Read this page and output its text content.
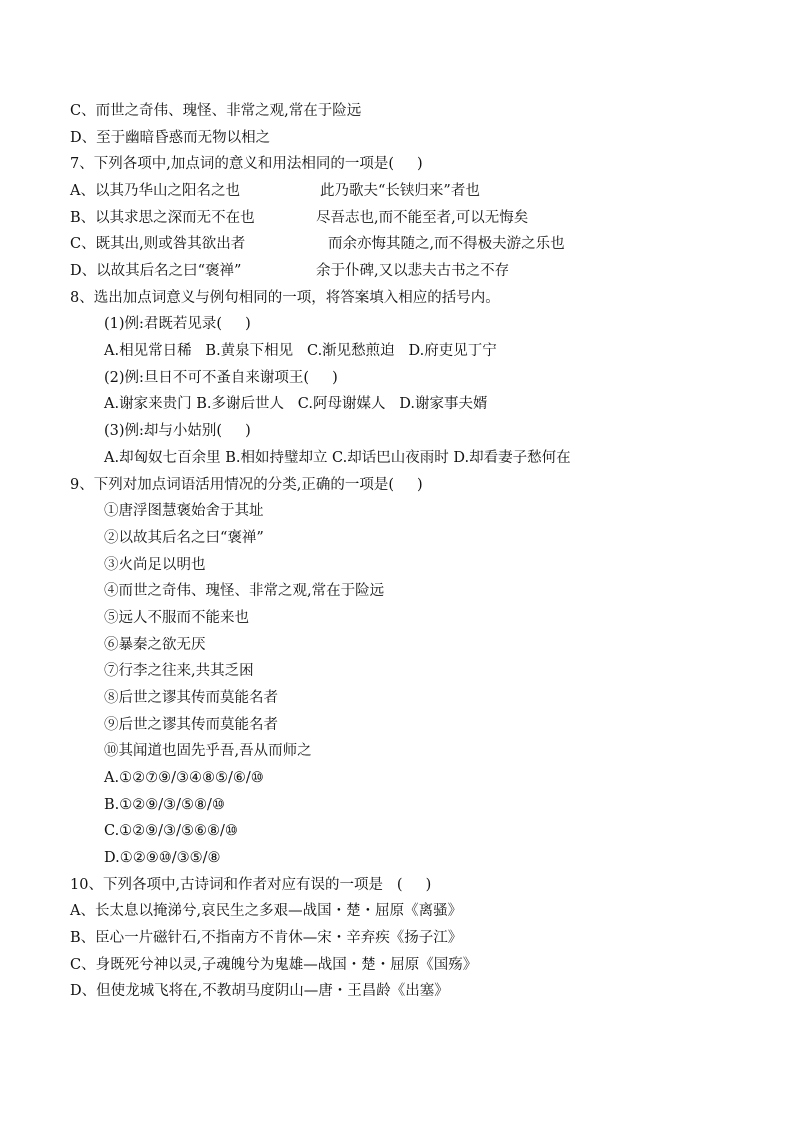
C、而世之奇伟、瑰怪、非常之观,常在于险远
D、至于幽暗昏惑而无物以相之
7、下列各项中,加点词的意义和用法相同的一项是(     )
A、以其乃华山之阳名之也	此乃歌夫“长铗归来”者也
B、以其求思之深而无不在也	尽吾志也,而不能至者,可以无悔矣
C、既其出,则或咎其欲出者	而余亦悔其随之,而不得极夫游之乐也
D、以故其后名之曰“褒禅”	余于仆碑,又以悲夫古书之不存
8、选出加点词意义与例句相同的一项，将答案填入相应的括号内。
(1)例:君既若见录(     )
A.相见常日稀   B.黄泉下相见   C.渐见愁煎迫   D.府吏见丁宁
(2)例:旦日不可不蚤自来谢项王(     )
A.谢家来贵门 B.多谢后世人   C.阿母谢媒人   D.谢家事夫婿
(3)例:却与小姑别(     )
A.却匈奴七百余里 B.相如持璧却立 C.却话巴山夜雨时 D.却看妻子愁何在
9、下列对加点词语活用情况的分类,正确的一项是(     )
①唐浮图慧褒始舍于其址
②以故其后名之曰“褒禅”
③火尚足以明也
④而世之奇伟、瑰怪、非常之观,常在于险远
⑤远人不服而不能来也
⑥暴秦之欲无厌
⑦行李之往来,共其乏困
⑧后世之谬其传而莫能名者
⑨后世之谬其传而莫能名者
⑩其闻道也固先乎吾,吾从而师之
A.①②⑦⑨/③④⑧⑤/⑥/⑩
B.①②⑨/③/⑤⑧/⑩
C.①②⑨/③/⑤⑥⑧/⑩
D.①②⑨⑩/③⑤/⑧
10、下列各项中,古诗词和作者对应有误的一项是   (     )
A、长太息以掩涕兮,哀民生之多艰—战国・楚・屈原《离骚》
B、臣心一片磁针石,不指南方不肯休—宋・辛弃疾《扬子江》
C、身既死兮神以灵,子魂魄兮为鬼雄—战国・楚・屈原《国殇》
D、但使龙城飞将在,不教胡马度阴山—唐・王昌龄《出塞》
